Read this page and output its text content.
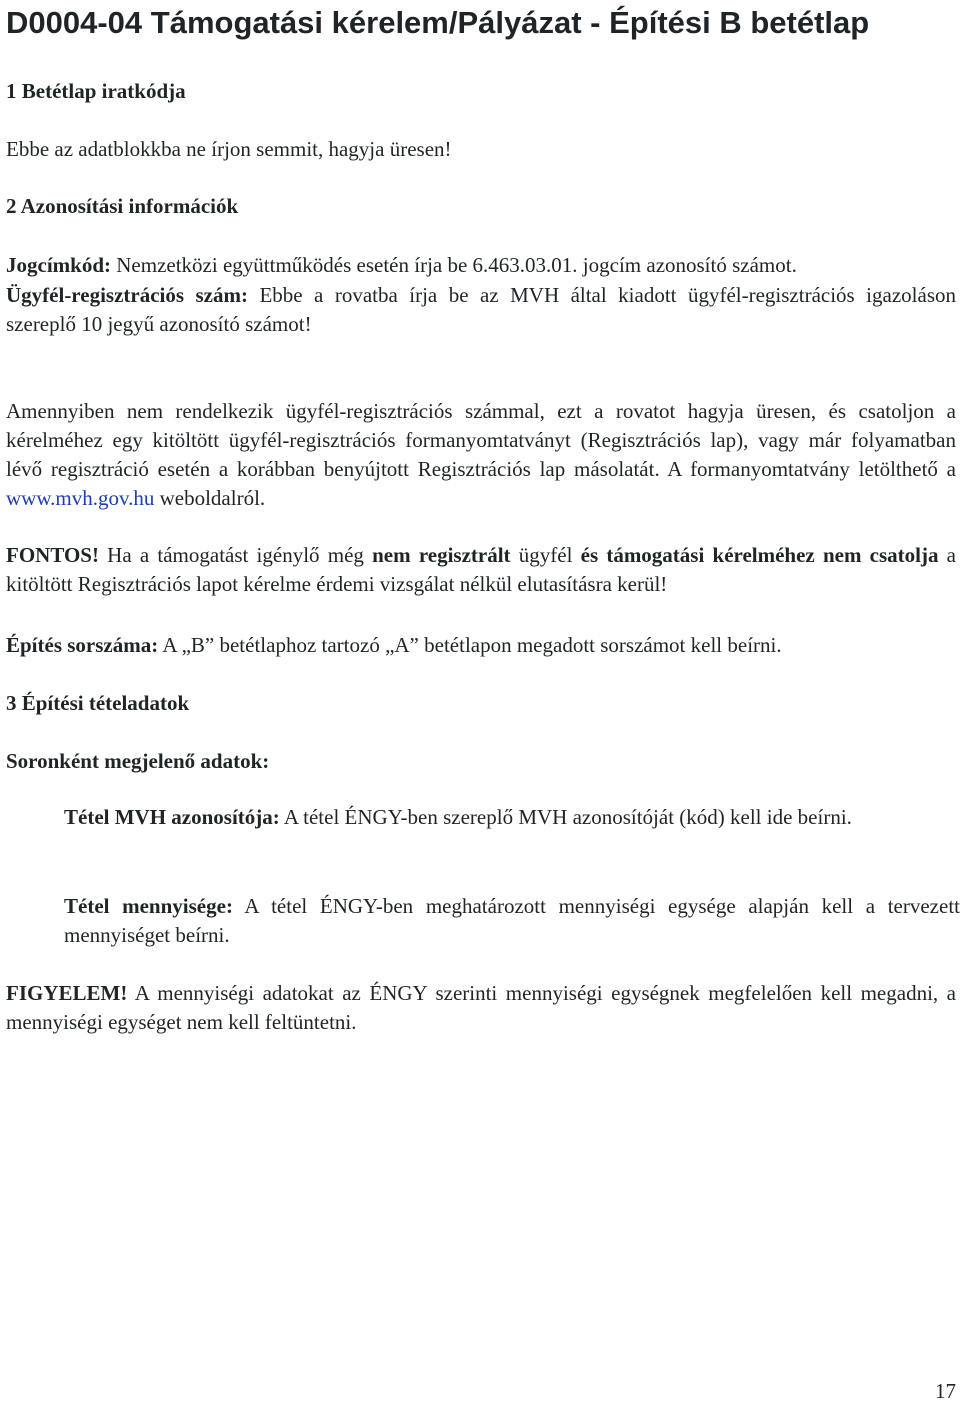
D0004-04 Támogatási kérelem/Pályázat - Építési B betétlap
1 Betétlap iratkódja
Ebbe az adatblokkba ne írjon semmit, hagyja üresen!
2 Azonosítási információk
Jogcímkód: Nemzetközi együttműködés esetén írja be 6.463.03.01. jogcím azonosító számot.
Ügyfél-regisztrációs szám: Ebbe a rovatba írja be az MVH által kiadott ügyfél-regisztrációs igazoláson szereplő 10 jegyű azonosító számot!
Amennyiben nem rendelkezik ügyfél-regisztrációs számmal, ezt a rovatot hagyja üresen, és csatoljon a kérelméhez egy kitöltött ügyfél-regisztrációs formanyomtatványt (Regisztrációs lap), vagy már folyamatban lévő regisztráció esetén a korábban benyújtott Regisztrációs lap másolatát. A formanyomtatvány letölthető a www.mvh.gov.hu weboldalról.
FONTOS! Ha a támogatást igénylő még nem regisztrált ügyfél és támogatási kérelméhez nem csatolja a kitöltött Regisztrációs lapot kérelme érdemi vizsgálat nélkül elutasításra kerül!
Építés sorszáma: A „B” betétlaphoz tartozó „A” betétlapon megadott sorszámot kell beírni.
3 Építési tételadatok
Soronként megjelenő adatok:
Tétel MVH azonosítója: A tétel ÉNGY-ben szereplő MVH azonosítóját (kód) kell ide beírni.
Tétel mennyisége: A tétel ÉNGY-ben meghatározott mennyiségi egysége alapján kell a tervezett mennyiséget beírni.
FIGYELEM! A mennyiségi adatokat az ÉNGY szerinti mennyiségi egységnek megfelelően kell megadni, a mennyiségi egységet nem kell feltüntetni.
17
